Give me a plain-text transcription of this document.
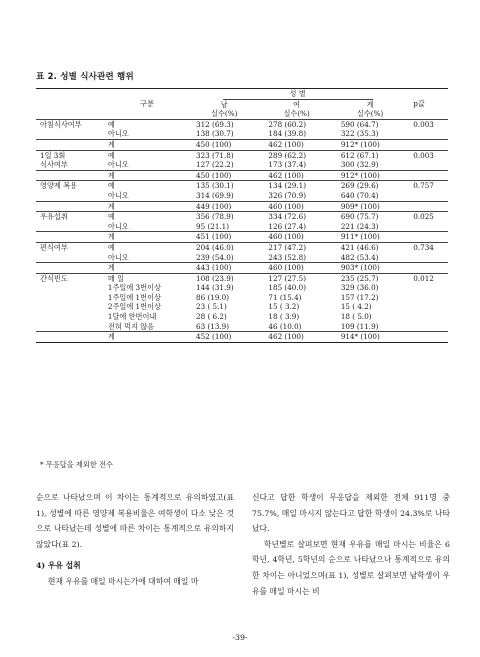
표 2. 성별 식사관련 행위
	구분	성 별			p값
		남	여	계	
		실수(%)	실수(%)	실수(%)	
아침식사여부	예	312 (69.3)	278 (60.2)	590 (64.7)	0.003
	아니오	138 (30.7)	184 (39.8)	322 (35.3)	
	계	450 (100)	462 (100)	912* (100)	
1일 3회	예	323 (71.8)	289 (62.2)	612 (67.1)	0.003
식사여부	아니오	127 (22.2)	173 (37.4)	300 (32.9)	
	계	450 (100)	462 (100)	912* (100)	
영양제 복용	예	135 (30.1)	134 (29.1)	269 (29.6)	0.757
	아니오	314 (69.9)	326 (70.9)	640 (70.4)	
	계	449 (100)	460 (100)	909* (100)	
우유섭취	예	356 (78.9)	334 (72.6)	690 (75.7)	0.025
	아니오	95 (21.1)	126 (27.4)	221 (24.3)	
	계	451 (100)	460 (100)	911* (100)	
편식여부	예	204 (46.0)	217 (47.2)	421 (46.6)	0.734
	아니오	239 (54.0)	243 (52.8)	482 (53.4)	
	계	443 (100)	460 (100)	903* (100)	
간식빈도	매 일	108 (23.9)	127 (27.5)	235 (25.7)	0.012
	1주일에 3번이상	144 (31.9)	185 (40.0)	329 (36.0)	
	1주일에 1번이상	86 (19.0)	71 (15.4)	157 (17.2)	
	2주일에 1번이상	23 ( 5.1)	15 ( 3.2)	15 ( 4.2)	
	1달에 한번이내	28 ( 6.2)	18 ( 3.9)	18 ( 5.0)	
	전혀 먹지 않음	63 (13.9)	46 (10.0)	109 (11.9)	
	계	452 (100)	462 (100)	914* (100)	
* 무응답을 제외한 전수

순으로 나타났으며 이 차이는 통계적으로 유의하였고(표 1), 성별에 따른 영양제 복용비율은 여학생이 다소 낮은 것으로 나타났는데 성별에 따른 차이는 통계적으로 유의하지 않았다(표 2).

4) 우유 섭취

현재 우유를 매일 마시는가에 대하여 매일 마

신다고 답한 학생이 무응답을 제외한 전체 911명 중 75.7%, 매일 마시지 않는다고 답한 학생이 24.3%로 나타났다.

학년별로 살펴보면 현재 우유를 매일 마시는 비율은 6학년, 4학년, 5학년의 순으로 나타났으나 통계적으로 유의한 차이는 아니었으며(표 1), 성별로 살펴보면 남학생이 우유를 매일 마시는 비

-39-
